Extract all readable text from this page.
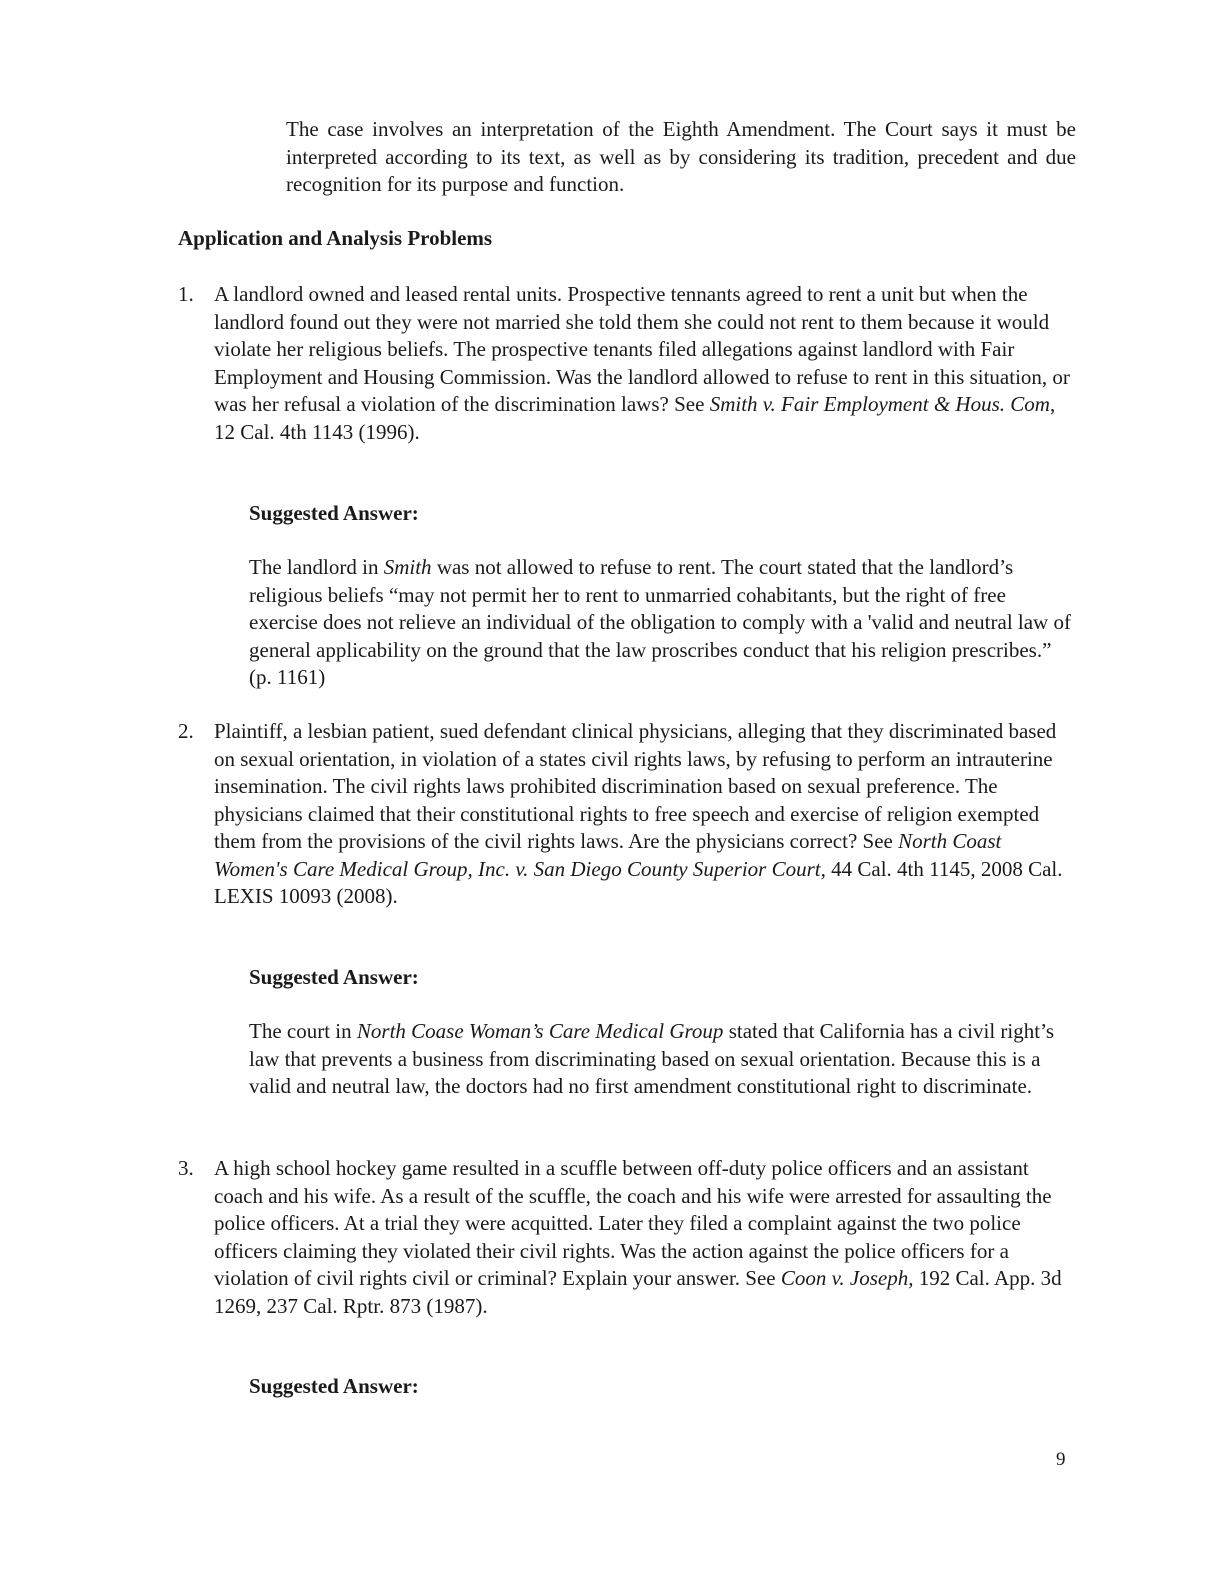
The case involves an interpretation of the Eighth Amendment. The Court says it must be interpreted according to its text, as well as by considering its tradition, precedent and due recognition for its purpose and function.

Application and Analysis Problems

1. A landlord owned and leased rental units. Prospective tennants agreed to rent a unit but when the landlord found out they were not married she told them she could not rent to them because it would violate her religious beliefs. The prospective tenants filed allegations against landlord with Fair Employment and Housing Commission. Was the landlord allowed to refuse to rent in this situation, or was her refusal a violation of the discrimination laws? See Smith v. Fair Employment & Hous. Com, 12 Cal. 4th 1143 (1996).

Suggested Answer:

The landlord in Smith was not allowed to refuse to rent. The court stated that the landlord’s religious beliefs “may not permit her to rent to unmarried cohabitants, but the right of free exercise does not relieve an individual of the obligation to comply with a 'valid and neutral law of general applicability on the ground that the law proscribes conduct that his religion prescribes.” (p. 1161)

2. Plaintiff, a lesbian patient, sued defendant clinical physicians, alleging that they discriminated based on sexual orientation, in violation of a states civil rights laws, by refusing to perform an intrauterine insemination. The civil rights laws prohibited discrimination based on sexual preference. The physicians claimed that their constitutional rights to free speech and exercise of religion exempted them from the provisions of the civil rights laws. Are the physicians correct? See North Coast Women's Care Medical Group, Inc. v. San Diego County Superior Court, 44 Cal. 4th 1145, 2008 Cal. LEXIS 10093 (2008).

Suggested Answer:

The court in North Coase Woman’s Care Medical Group stated that California has a civil right’s law that prevents a business from discriminating based on sexual orientation. Because this is a valid and neutral law, the doctors had no first amendment constitutional right to discriminate.

3. A high school hockey game resulted in a scuffle between off-duty police officers and an assistant coach and his wife. As a result of the scuffle, the coach and his wife were arrested for assaulting the police officers. At a trial they were acquitted. Later they filed a complaint against the two police officers claiming they violated their civil rights. Was the action against the police officers for a violation of civil rights civil or criminal? Explain your answer. See Coon v. Joseph, 192 Cal. App. 3d 1269, 237 Cal. Rptr. 873 (1987).

Suggested Answer:

9
